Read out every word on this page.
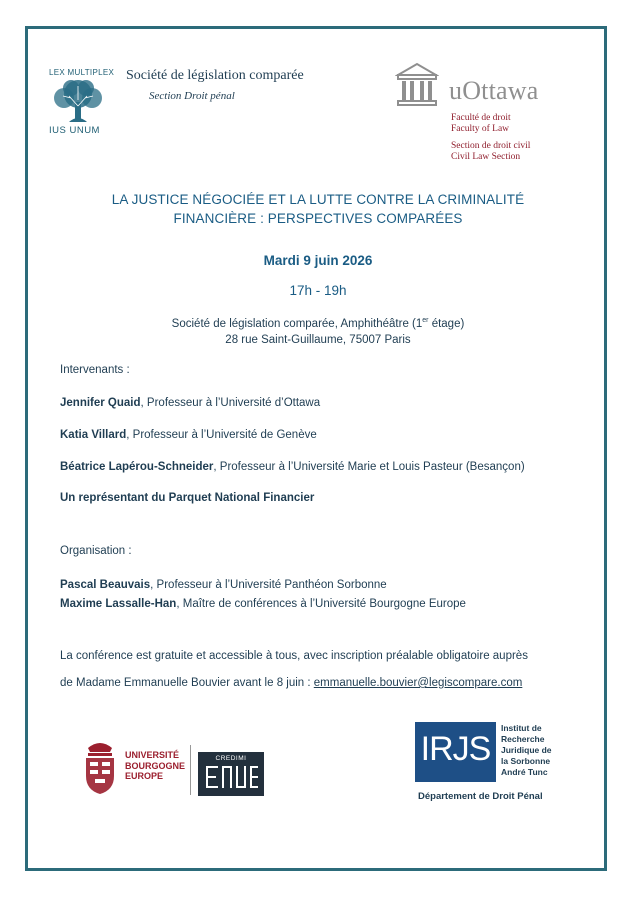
LEX MULTIPLEX
IUS UNUM
Société de législation comparée
Section Droit pénal	uOttawa
Faculté de droit
Faculty of Law
Section de droit civil
Civil Law Section
LA JUSTICE NÉGOCIÉE ET LA LUTTE CONTRE LA CRIMINALITÉ
FINANCIÈRE : PERSPECTIVES COMPARÉES
Mardi 9 juin 2026
17h - 19h
Société de législation comparée, Amphithéâtre (1er étage)
28 rue Saint-Guillaume, 75007 Paris
Intervenants :
Jennifer Quaid, Professeur à l’Université d’Ottawa
Katia Villard, Professeur à l’Université de Genève
Béatrice Lapérou-Schneider, Professeur à l’Université Marie et Louis Pasteur (Besançon)
Un représentant du Parquet National Financier
Organisation :
Pascal Beauvais, Professeur à l’Université Panthéon Sorbonne
Maxime Lassalle-Han, Maître de conférences à l’Université Bourgogne Europe
La conférence est gratuite et accessible à tous, avec inscription préalable obligatoire auprès
de Madame Emmanuelle Bouvier avant le 8 juin : emmanuelle.bouvier@legiscompare.com
UNIVERSITÉ
BOURGOGNE
EUROPE
CREDIMI	IRJS
Institut de
Recherche
Juridique de
la Sorbonne
André Tunc
Département de Droit Pénal
